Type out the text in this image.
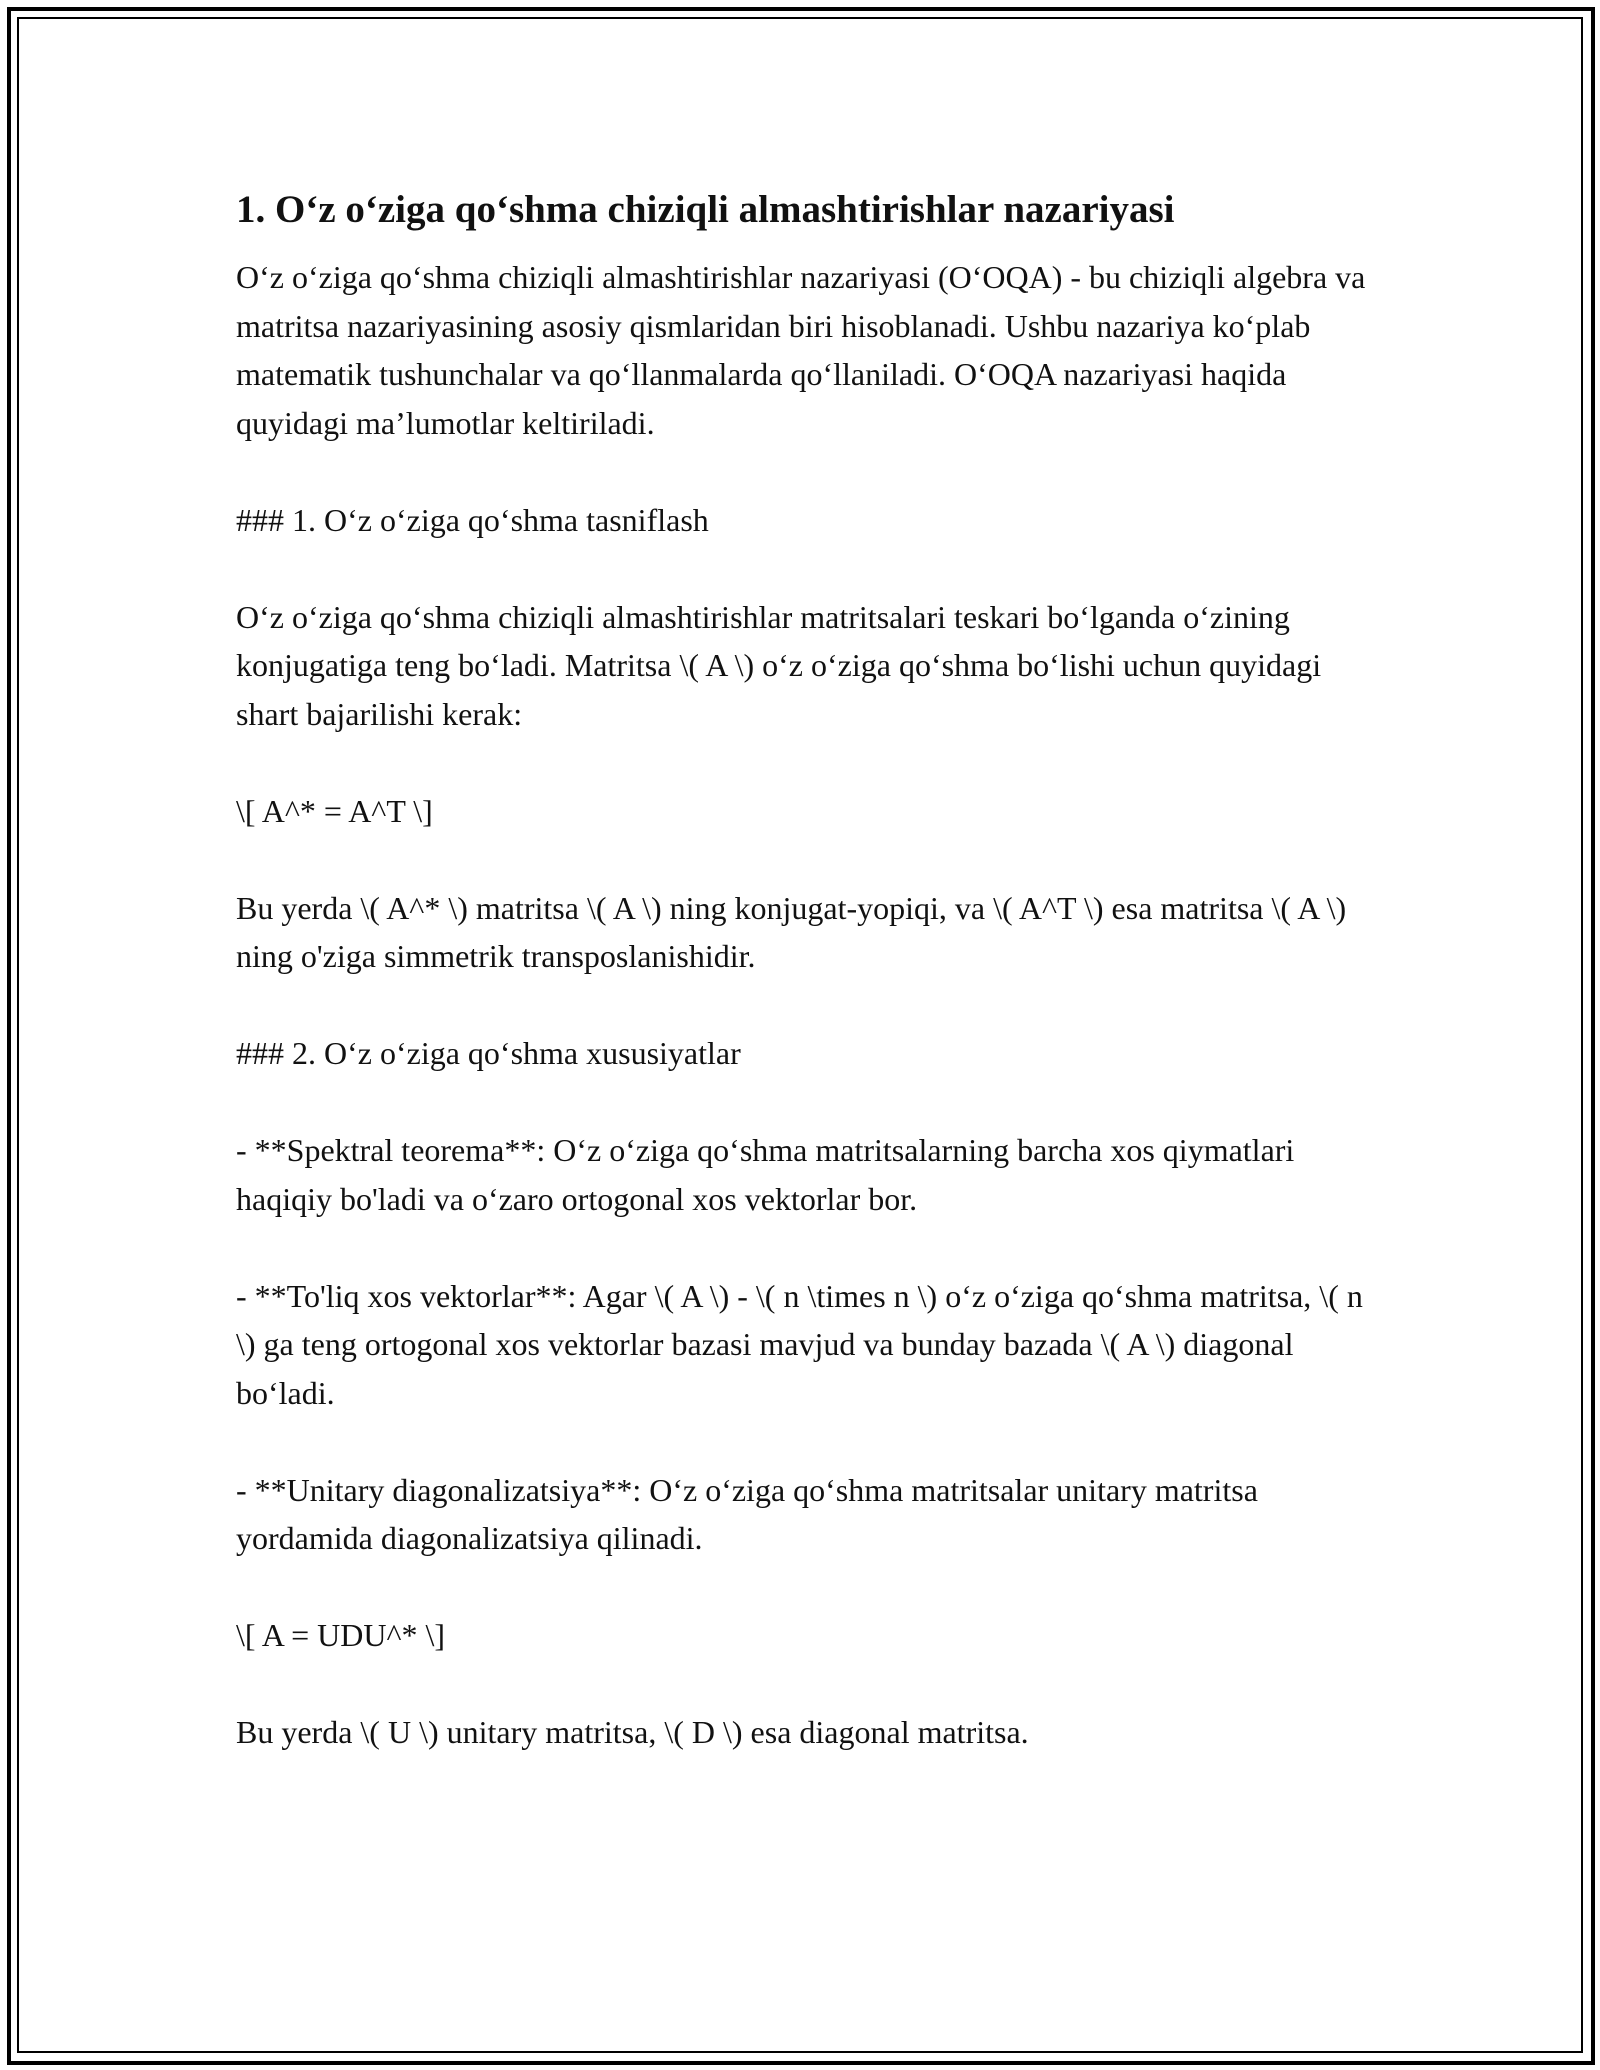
1. O‘z o‘ziga qo‘shma chiziqli almashtirishlar nazariyasi

O‘z o‘ziga qo‘shma chiziqli almashtirishlar nazariyasi (O‘OQA) - bu chiziqli algebra va matritsa nazariyasining asosiy qismlaridan biri hisoblanadi. Ushbu nazariya ko‘plab matematik tushunchalar va qo‘llanmalarda qo‘llaniladi. O‘OQA nazariyasi haqida quyidagi ma’lumotlar keltiriladi.

### 1. O‘z o‘ziga qo‘shma tasniflash

O‘z o‘ziga qo‘shma chiziqli almashtirishlar matritsalari teskari bo‘lganda o‘zining konjugatiga teng bo‘ladi. Matritsa \( A \) o‘z o‘ziga qo‘shma bo‘lishi uchun quyidagi shart bajarilishi kerak:

\[ A^* = A^T \]

Bu yerda \( A^* \) matritsa \( A \) ning konjugat-yopiqi, va \( A^T \) esa matritsa \( A \) ning o'ziga simmetrik transposlanishidir.

### 2. O‘z o‘ziga qo‘shma xususiyatlar

- **Spektral teorema**: O‘z o‘ziga qo‘shma matritsalarning barcha xos qiymatlari haqiqiy bo'ladi va o‘zaro ortogonal xos vektorlar bor.

- **To'liq xos vektorlar**: Agar \( A \) - \( n \times n \) o‘z o‘ziga qo‘shma matritsa, \( n \) ga teng ortogonal xos vektorlar bazasi mavjud va bunday bazada \( A \) diagonal bo‘ladi.

- **Unitary diagonalizatsiya**: O‘z o‘ziga qo‘shma matritsalar unitary matritsa yordamida diagonalizatsiya qilinadi.

\[ A = UDU^* \]

Bu yerda \( U \) unitary matritsa, \( D \) esa diagonal matritsa.
